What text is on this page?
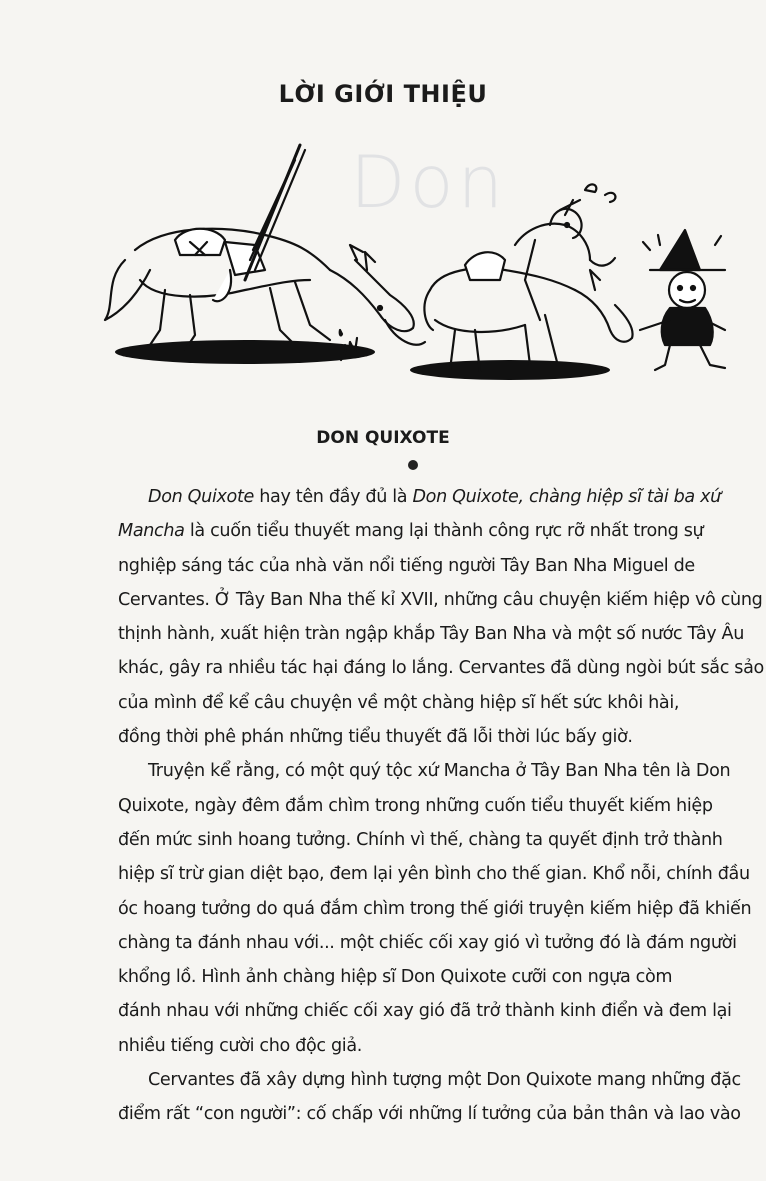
Don
LỜI GIỚI THIỆU
DON QUIXOTE
Don Quixote hay tên đầy đủ là Don Quixote, chàng hiệp sĩ tài ba xứ
Mancha là cuốn tiểu thuyết mang lại thành công rực rỡ nhất trong sự
nghiệp sáng tác của nhà văn nổi tiếng người Tây Ban Nha Miguel de
Cervantes. Ở Tây Ban Nha thế kỉ XVII, những câu chuyện kiếm hiệp vô cùng
thịnh hành, xuất hiện tràn ngập khắp Tây Ban Nha và một số nước Tây Âu
khác, gây ra nhiều tác hại đáng lo lắng. Cervantes đã dùng ngòi bút sắc sảo
của mình để kể câu chuyện về một chàng hiệp sĩ hết sức khôi hài,
đồng thời phê phán những tiểu thuyết đã lỗi thời lúc bấy giờ.
Truyện kể rằng, có một quý tộc xứ Mancha ở Tây Ban Nha tên là Don
Quixote, ngày đêm đắm chìm trong những cuốn tiểu thuyết kiếm hiệp
đến mức sinh hoang tưởng. Chính vì thế, chàng ta quyết định trở thành
hiệp sĩ trừ gian diệt bạo, đem lại yên bình cho thế gian. Khổ nỗi, chính đầu
óc hoang tưởng do quá đắm chìm trong thế giới truyện kiếm hiệp đã khiến
chàng ta đánh nhau với... một chiếc cối xay gió vì tưởng đó là đám người
khổng lồ. Hình ảnh chàng hiệp sĩ Don Quixote cưỡi con ngựa còm
đánh nhau với những chiếc cối xay gió đã trở thành kinh điển và đem lại
nhiều tiếng cười cho độc giả.
Cervantes đã xây dựng hình tượng một Don Quixote mang những đặc
điểm rất “con người”: cố chấp với những lí tưởng của bản thân và lao vào
